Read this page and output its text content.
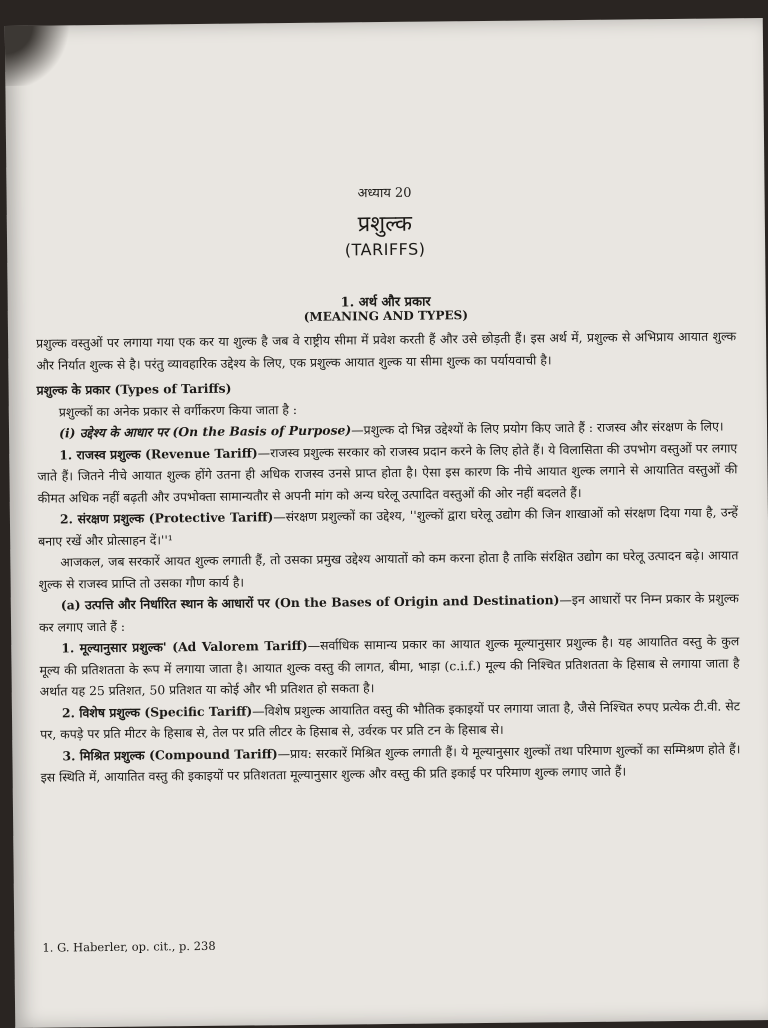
अध्याय 20
प्रशुल्क
(TARIFFS)
1. अर्थ और प्रकार
(MEANING AND TYPES)

प्रशुल्क वस्तुओं पर लगाया गया एक कर या शुल्क है जब वे राष्ट्रीय सीमा में प्रवेश करती हैं और उसे छोड़ती हैं। इस अर्थ में, प्रशुल्क से अभिप्राय आयात शुल्क और निर्यात शुल्क से है। परंतु व्यावहारिक उद्देश्य के लिए, एक प्रशुल्क आयात शुल्क या सीमा शुल्क का पर्यायवाची है।

प्रशुल्क के प्रकार (Types of Tariffs)

प्रशुल्कों का अनेक प्रकार से वर्गीकरण किया जाता है :

(i) उद्देश्य के आधार पर (On the Basis of Purpose)—प्रशुल्क दो भिन्न उद्देश्यों के लिए प्रयोग किए जाते हैं : राजस्व और संरक्षण के लिए।

1. राजस्व प्रशुल्क (Revenue Tariff)—राजस्व प्रशुल्क सरकार को राजस्व प्रदान करने के लिए होते हैं। ये विलासिता की उपभोग वस्तुओं पर लगाए जाते हैं। जितने नीचे आयात शुल्क होंगे उतना ही अधिक राजस्व उनसे प्राप्त होता है। ऐसा इस कारण कि नीचे आयात शुल्क लगाने से आयातित वस्तुओं की कीमत अधिक नहीं बढ़ती और उपभोक्ता सामान्यतौर से अपनी मांग को अन्य घरेलू उत्पादित वस्तुओं की ओर नहीं बदलते हैं।

2. संरक्षण प्रशुल्क (Protective Tariff)—संरक्षण प्रशुल्कों का उद्देश्य, ''शुल्कों द्वारा घरेलू उद्योग की जिन शाखाओं को संरक्षण दिया गया है, उन्हें बनाए रखें और प्रोत्साहन दें।''¹

आजकल, जब सरकारें आयत शुल्क लगाती हैं, तो उसका प्रमुख उद्देश्य आयातों को कम करना होता है ताकि संरक्षित उद्योग का घरेलू उत्पादन बढ़े। आयात शुल्क से राजस्व प्राप्ति तो उसका गौण कार्य है।

(a) उत्पत्ति और निर्धारित स्थान के आधारों पर (On the Bases of Origin and Destination)—इन आधारों पर निम्न प्रकार के प्रशुल्क कर लगाए जाते हैं :

1. मूल्यानुसार प्रशुल्क' (Ad Valorem Tariff)—सर्वाधिक सामान्य प्रकार का आयात शुल्क मूल्यानुसार प्रशुल्क है। यह आयातित वस्तु के कुल मूल्य की प्रतिशतता के रूप में लगाया जाता है। आयात शुल्क वस्तु की लागत, बीमा, भाड़ा (c.i.f.) मूल्य की निश्चित प्रतिशतता के हिसाब से लगाया जाता है अर्थात यह 25 प्रतिशत, 50 प्रतिशत या कोई और भी प्रतिशत हो सकता है।

2. विशेष प्रशुल्क (Specific Tariff)—विशेष प्रशुल्क आयातित वस्तु की भौतिक इकाइयों पर लगाया जाता है, जैसे निश्चित रुपए प्रत्येक टी.वी. सेट पर, कपड़े पर प्रति मीटर के हिसाब से, तेल पर प्रति लीटर के हिसाब से, उर्वरक पर प्रति टन के हिसाब से।

3. मिश्रित प्रशुल्क (Compound Tariff)—प्राय: सरकारें मिश्रित शुल्क लगाती हैं। ये मूल्यानुसार शुल्कों तथा परिमाण शुल्कों का सम्मिश्रण होते हैं। इस स्थिति में, आयातित वस्तु की इकाइयों पर प्रतिशतता मूल्यानुसार शुल्क और वस्तु की प्रति इकाई पर परिमाण शुल्क लगाए जाते हैं।

1. G. Haberler, op. cit., p. 238
